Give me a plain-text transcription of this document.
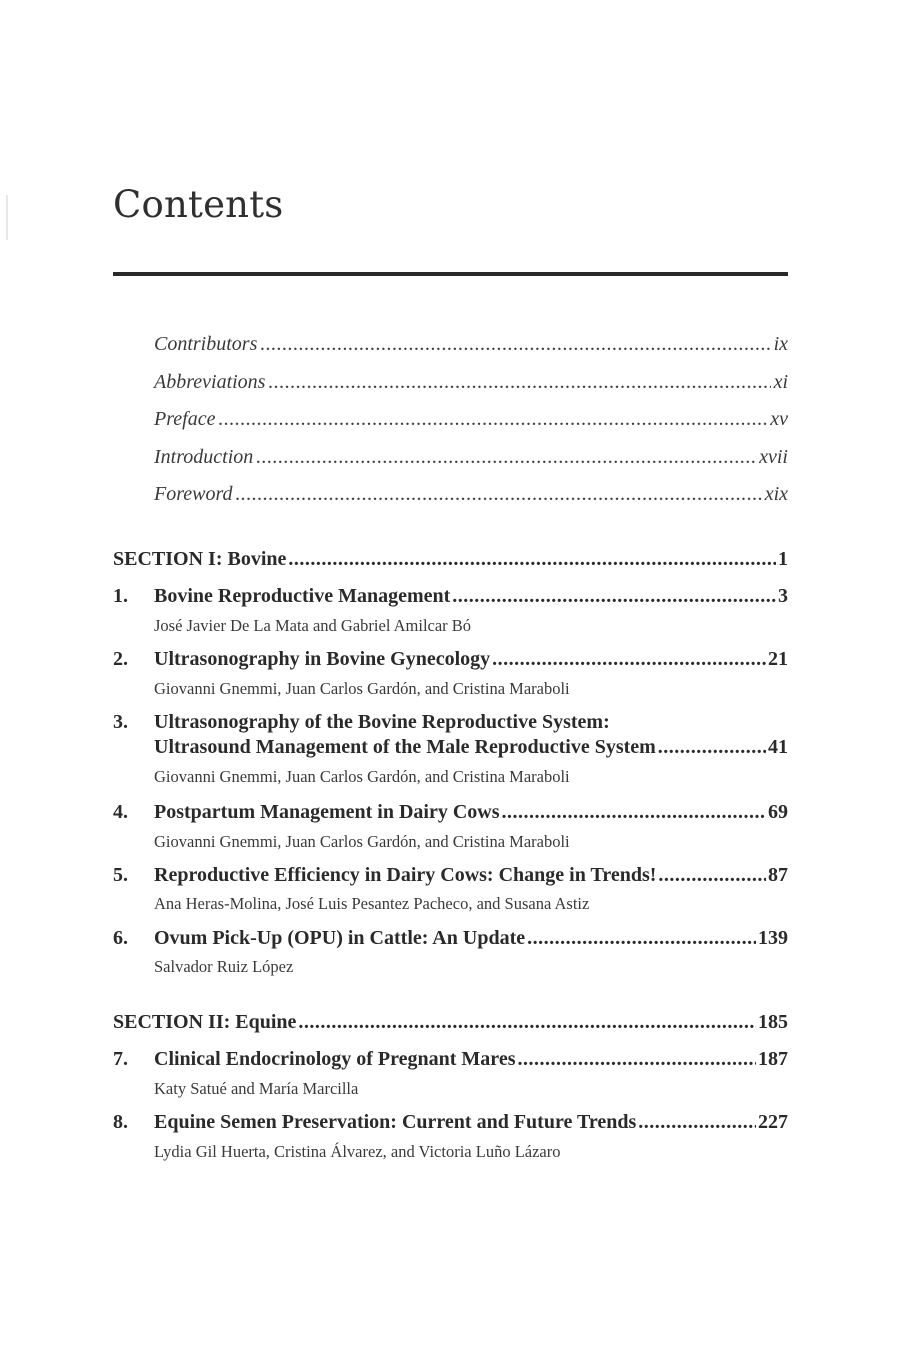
Contents
Contributors .....	ix
Abbreviations .....	xi
Preface .....	xv
Introduction .....	xvii
Foreword .....	xix
SECTION I: Bovine .....	1
1.	Bovine Reproductive Management .....	3
José Javier De La Mata and Gabriel Amilcar Bó
2.	Ultrasonography in Bovine Gynecology .....	21
Giovanni Gnemmi, Juan Carlos Gardón, and Cristina Maraboli
3.	Ultrasonography of the Bovine Reproductive System:
Ultrasound Management of the Male Reproductive System .....	41
Giovanni Gnemmi, Juan Carlos Gardón, and Cristina Maraboli
4.	Postpartum Management in Dairy Cows .....	69
Giovanni Gnemmi, Juan Carlos Gardón, and Cristina Maraboli
5.	Reproductive Efficiency in Dairy Cows: Change in Trends! .....	87
Ana Heras-Molina, José Luis Pesantez Pacheco, and Susana Astiz
6.	Ovum Pick-Up (OPU) in Cattle: An Update .....	139
Salvador Ruiz López
SECTION II: Equine .....	185
7.	Clinical Endocrinology of Pregnant Mares .....	187
Katy Satué and María Marcilla
8.	Equine Semen Preservation: Current and Future Trends .....	227
Lydia Gil Huerta, Cristina Álvarez, and Victoria Luño Lázaro
